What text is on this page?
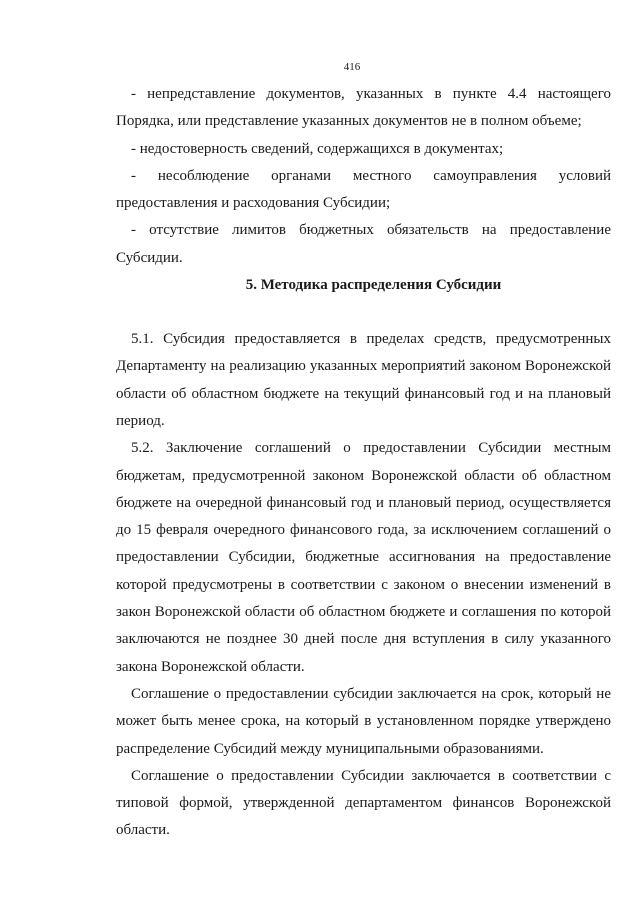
416

- непредставление документов, указанных в пункте 4.4 настоящего Порядка, или представление указанных документов не в полном объеме;

- недостоверность сведений, содержащихся в документах;

- несоблюдение органами местного самоуправления условий предоставления и расходования Субсидии;

- отсутствие лимитов бюджетных обязательств на предоставление Субсидии.

5. Методика распределения Субсидии

5.1. Субсидия предоставляется в пределах средств, предусмотренных Департаменту на реализацию указанных мероприятий законом Воронежской области об областном бюджете на текущий финансовый год и на плановый период.

5.2. Заключение соглашений о предоставлении Субсидии местным бюджетам, предусмотренной законом Воронежской области об областном бюджете на очередной финансовый год и плановый период, осуществляется до 15 февраля очередного финансового года, за исключением соглашений о предоставлении Субсидии, бюджетные ассигнования на предоставление которой предусмотрены в соответствии с законом о внесении изменений в закон Воронежской области об областном бюджете и соглашения по которой заключаются не позднее 30 дней после дня вступления в силу указанного закона Воронежской области.

Соглашение о предоставлении субсидии заключается на срок, который не может быть менее срока, на который в установленном порядке утверждено распределение Субсидий между муниципальными образованиями.

Соглашение о предоставлении Субсидии заключается в соответствии с типовой формой, утвержденной департаментом финансов Воронежской области.
